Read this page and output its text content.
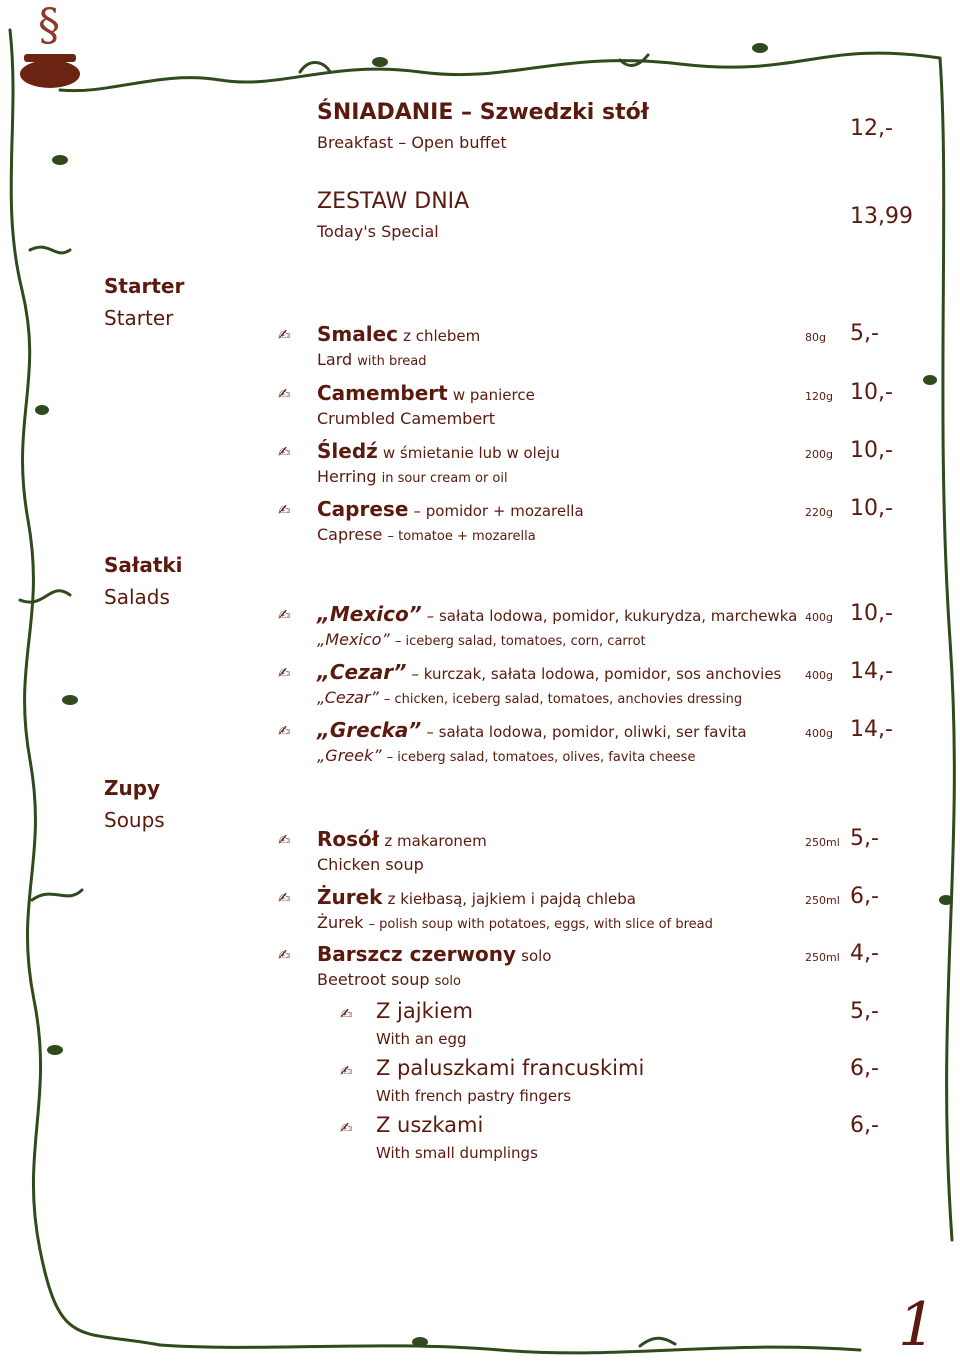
§
ŚNIADANIE – Szwedzki stół
Breakfast – Open buffet
12,-
ZESTAW DNIA
Today's Special
13,99
Starter
Starter
Sałatki
Salads
Zupy
Soups
✍ Smalec z chlebem
Lard with bread
80g 5,-
✍ Camembert w panierce
Crumbled Camembert
120g 10,-
✍ Śledź w śmietanie lub w oleju
Herring in sour cream or oil
200g 10,-
✍ Caprese – pomidor + mozarella
Caprese – tomatoe + mozarella
220g 10,-
✍ „Mexico” – sałata lodowa, pomidor, kukurydza, marchewka
„Mexico” – iceberg salad, tomatoes, corn, carrot
400g 10,-
✍ „Cezar” – kurczak, sałata lodowa, pomidor, sos anchovies
„Cezar” – chicken, iceberg salad, tomatoes, anchovies dressing
400g 14,-
✍ „Grecka” – sałata lodowa, pomidor, oliwki, ser favita
„Greek” – iceberg salad, tomatoes, olives, favita cheese
400g 14,-
✍ Rosół z makaronem
Chicken soup
250ml 5,-
✍ Żurek z kiełbasą, jajkiem i pajdą chleba
Żurek – polish soup with potatoes, eggs, with slice of bread
250ml 6,-
✍ Barszcz czerwony solo
Beetroot soup solo
250ml 4,-
✍ Z jajkiem
With an egg
5,-
✍ Z paluszkami francuskimi
With french pastry fingers
6,-
✍ Z uszkami
With small dumplings
6,-
1
